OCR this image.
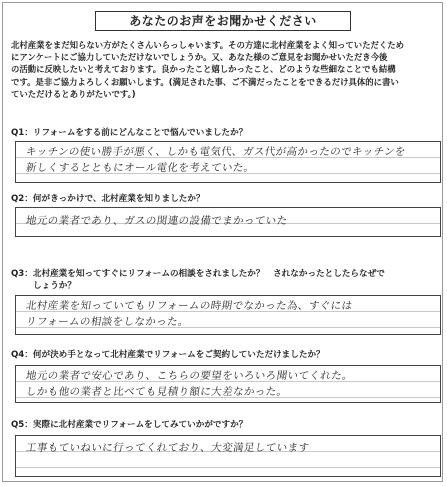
あなたのお声をお聞かせください

北村産業をまだ知らない方がたくさんいらっしゃいます。その方達に北村産業をよく知っていただくため
にアンケートにご協力していただけないでしょうか。又、あなた様のご意見をお聞かせいただき今後
の活動に反映したいと考えております。良かったこと嬉しかったこと、どのような些細なことでも結構
です。是非ご協力よろしくお願いします。(満足された事、ご不満だったことをできるだけ具体的に書い
ていただけるとありがたいです。)

Q1：リフォームをする前にどんなことで悩んでいましたか？

キッチンの使い勝手が悪く、しかも電気代、ガス代が高かったのでキッチンを
新しくするとともにオール電化を考えていた。

Q2：何がきっかけで、北村産業を知りましたか？

地元の業者であり、ガスの関連の設備でまかっていた

Q3：北村産業を知ってすぐにリフォームの相談をされましたか？　されなかったとしたらなぜで
しょうか？

北村産業を知っていてもリフォームの時期でなかった為、すぐには
リフォームの相談をしなかった。

Q4：何が決め手となって北村産業でリフォームをご契約していただけましたか？

地元の業者で安心であり、こちらの要望をいろいろ聞いてくれた。
しかも他の業者と比べても見積り額に大差なかった。

Q5：実際に北村産業でリフォームをしてみていかがですか？

工事もていねいに行ってくれており、大変満足しています
